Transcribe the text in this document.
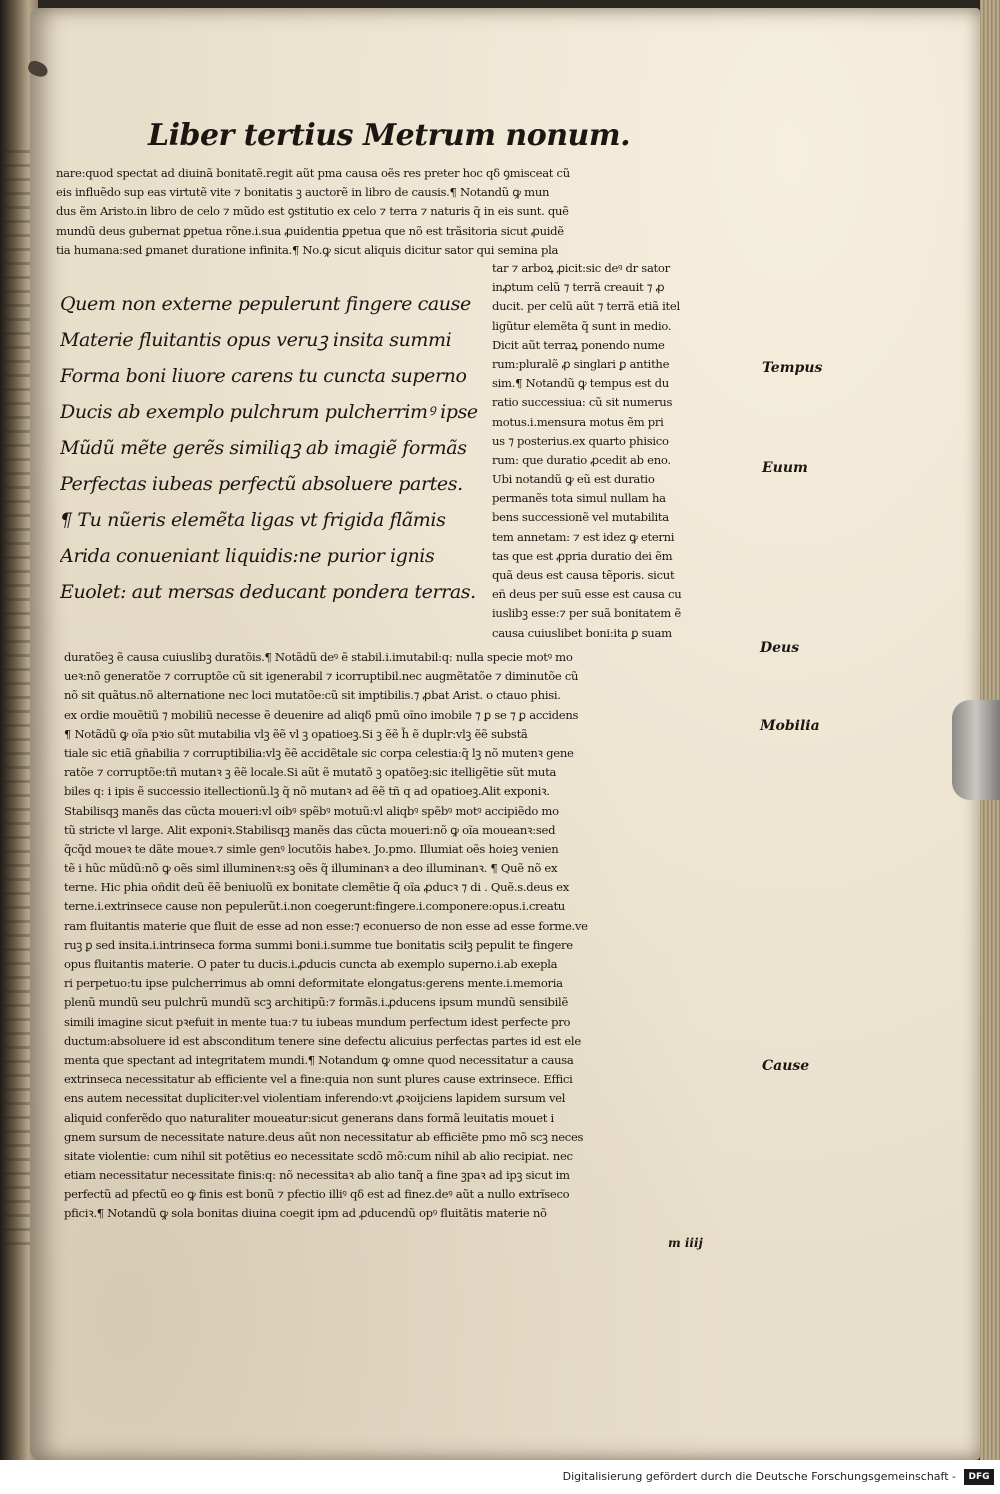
Liber tertius Metrum nonum.
nare:quod spectat ad diuinã bonitatẽ.regit aũt pma causa oẽs res preter hoc qδ ꝯmisceat cũ
eis influẽdo sup eas virtutẽ vite ⁊ bonitatis ꝫ auctorẽ in libro de causis.¶ Notandũ ꝙ mun
dus ẽm Aristo.in libro de celo ⁊ mũdo est ꝯstitutio ex celo ⁊ terra ⁊ naturis q̃ in eis sunt. quẽ
mundũ deus gubernat ꝑpetua rõne.i.sua ꝓuidentia ꝑpetua que nõ est trãsitoria sicut ꝓuidẽ
tia humana:sed ꝑmanet duratione infinita.¶ No.ꝙ sicut aliquis dicitur sator qui semina pla
Quem non externe pepulerunt fingere cause
Materie fluitantis opus veruꝫ insita summi
Forma boni liuore carens tu cuncta superno
Ducis ab exemplo pulchrum pulcherrimꝰ ipse
Mũdũ mẽte gerẽs similiqꝫ ab imagiẽ formãs
Perfectas iubeas perfectũ absoluere partes.
¶ Tu nũeris elemẽta ligas vt frigida flãmis
Arida conueniant liquidis:ne purior ignis
Euolet: aut mersas deducant pondera terras.
tar ⁊ arboꝝ ꝓicit:sic deꝰ dr sator
inꝓtum celũ ⁊ terrã creauit ⁊ ꝓ
ducit. per celũ aũt ⁊ terrã etiã itel
ligũtur elemẽta q̃ sunt in medio.
Dicit aũt terraꝝ ponendo nume
rum:pluralẽ ꝓ singlari ꝑ antithe
sim.¶ Notandũ ꝙ tempus est du
ratio successiua: cũ sit numerus
motus.i.mensura motus ẽm pri
us ⁊ posterius.ex quarto phisico
rum: que duratio ꝓcedit ab eno.
Ubi notandũ ꝙ eũ est duratio
permanẽs tota simul nullam ha
bens successionẽ vel mutabilita
tem annetam: ⁊ est idez ꝙ eterni
tas que est ꝓpria duratio dei ẽm
quã deus est causa tẽporis. sicut
eñ deus per suũ esse est causa cu
iuslibꝫ esse:⁊ per suã bonitatem ẽ
causa cuiuslibet boni:ita ꝑ suam
duratõeꝫ ẽ causa cuiuslibꝫ duratõis.¶ Notãdũ deꝰ ẽ stabil.i.imutabil:q: nulla specie motꝰ mo
ueꝛ:nõ generatõe ⁊ corruptõe cũ sit igenerabil ⁊ icorruptibil.nec augmẽtatõe ⁊ diminutõe cũ
nõ sit quãtus.nõ alternatione nec loci mutatõe:cũ sit imptibilis.⁊ ꝓbat Arist. o ctauo phisi.
ex ordie mouẽtiũ ⁊ mobiliũ necesse ẽ deuenire ad aliqδ pmũ oĩno imobile ⁊ ꝑ se ⁊ ꝑ accidens
¶ Notãdũ ꝙ oĩa pꝛio sũt mutabilia vlꝫ ẽẽ vl ꝫ opatioeꝫ.Si ꝫ ẽẽ h̃ ẽ duplr:vlꝫ ẽẽ substã
tiale sic etiã gñabilia ⁊ corruptibilia:vlꝫ ẽẽ accidẽtale sic corpa celestia:q̃ lꝫ nõ mutenꝛ gene
ratõe ⁊ corruptõe:tñ mutanꝛ ꝫ ẽẽ locale.Si aũt ẽ mutatõ ꝫ opatõeꝫ:sic itelligẽtie sũt muta
biles q: i ipis ẽ successio itellectionũ.lꝫ q̃ nõ mutanꝛ ad ẽẽ tñ q ad opatioeꝫ.Alit exponiꝛ.
Stabilisqꝫ manẽs das cũcta moueri:vl oibꝰ spẽbꝰ motuũ:vl aliqbꝰ spẽbꝰ motꝰ accipiẽdo mo
tũ stricte vl large. Alit exponiꝛ.Stabilisqꝫ manẽs das cũcta moueri:nõ ꝙ oĩa moueanꝛ:sed
q̃cq̃d moueꝛ te dãte moueꝛ.⁊ simle genꝰ locutõis habeꝛ. Jo.pmo. Illumiat oẽs hoieꝫ venien
tẽ i hũc mũdũ:nõ ꝙ oẽs siml illuminenꝛ:sꝫ oẽs q̃ illuminanꝛ a deo illuminanꝛ. ¶ Quẽ nõ ex
terne. Hic phia oñdit deũ ẽẽ beniuolũ ex bonitate clemẽtie q̃ oĩa ꝓducꝛ ⁊ di . Quẽ.s.deus ex
terne.i.extrinsece cause non pepulerũt.i.non coegerunt:fingere.i.componere:opus.i.creatu
ram fluitantis materie que fluit de esse ad non esse:⁊ econuerso de non esse ad esse forme.ve
ruꝫ ꝑ sed insita.i.intrinseca forma summi boni.i.summe tue bonitatis sciłꝫ pepulit te fingere
opus fluitantis materie. O pater tu ducis.i.ꝓducis cuncta ab exemplo superno.i.ab exepla
ri perpetuo:tu ipse pulcherrimus ab omni deformitate elongatus:gerens mente.i.memoria
plenũ mundũ seu pulchrũ mundũ scꝫ architipũ:⁊ formãs.i.ꝓducens ipsum mundũ sensibilẽ
simili imagine sicut pꝛefuit in mente tua:⁊ tu iubeas mundum perfectum idest perfecte pro
ductum:absoluere id est absconditum tenere sine defectu alicuius perfectas partes id est ele
menta que spectant ad integritatem mundi.¶ Notandum ꝙ omne quod necessitatur a causa
extrinseca necessitatur ab efficiente vel a fine:quia non sunt plures cause extrinsece. Effici
ens autem necessitat dupliciter:vel violentiam inferendo:vt ꝓꝛoijciens lapidem sursum vel
aliquid conferẽdo quo naturaliter moueatur:sicut generans dans formã leuitatis mouet i
gnem sursum de necessitate nature.deus aũt non necessitatur ab efficiẽte pmo mõ scꝫ neces
sitate violentie: cum nihil sit potẽtius eo necessitate scdõ mõ:cum nihil ab alio recipiat. nec
etiam necessitatur necessitate finis:q: nõ necessitaꝛ ab alio tanq̃ a fine ꝫpaꝛ ad ipꝫ sicut im
perfectũ ad pfectũ eo ꝙ finis est bonũ ⁊ pfectio illiꝰ qδ est ad finez.deꝰ aũt a nullo extrĩseco
pficiꝛ.¶ Notandũ ꝙ sola bonitas diuina coegit ipm ad ꝓducendũ opꝰ fluitãtis materie nõ
Tempus
Euum
Deus
Mobilia
Cause
m iiij
Digitalisierung gefördert durch die Deutsche Forschungsgemeinschaft -	DFG
